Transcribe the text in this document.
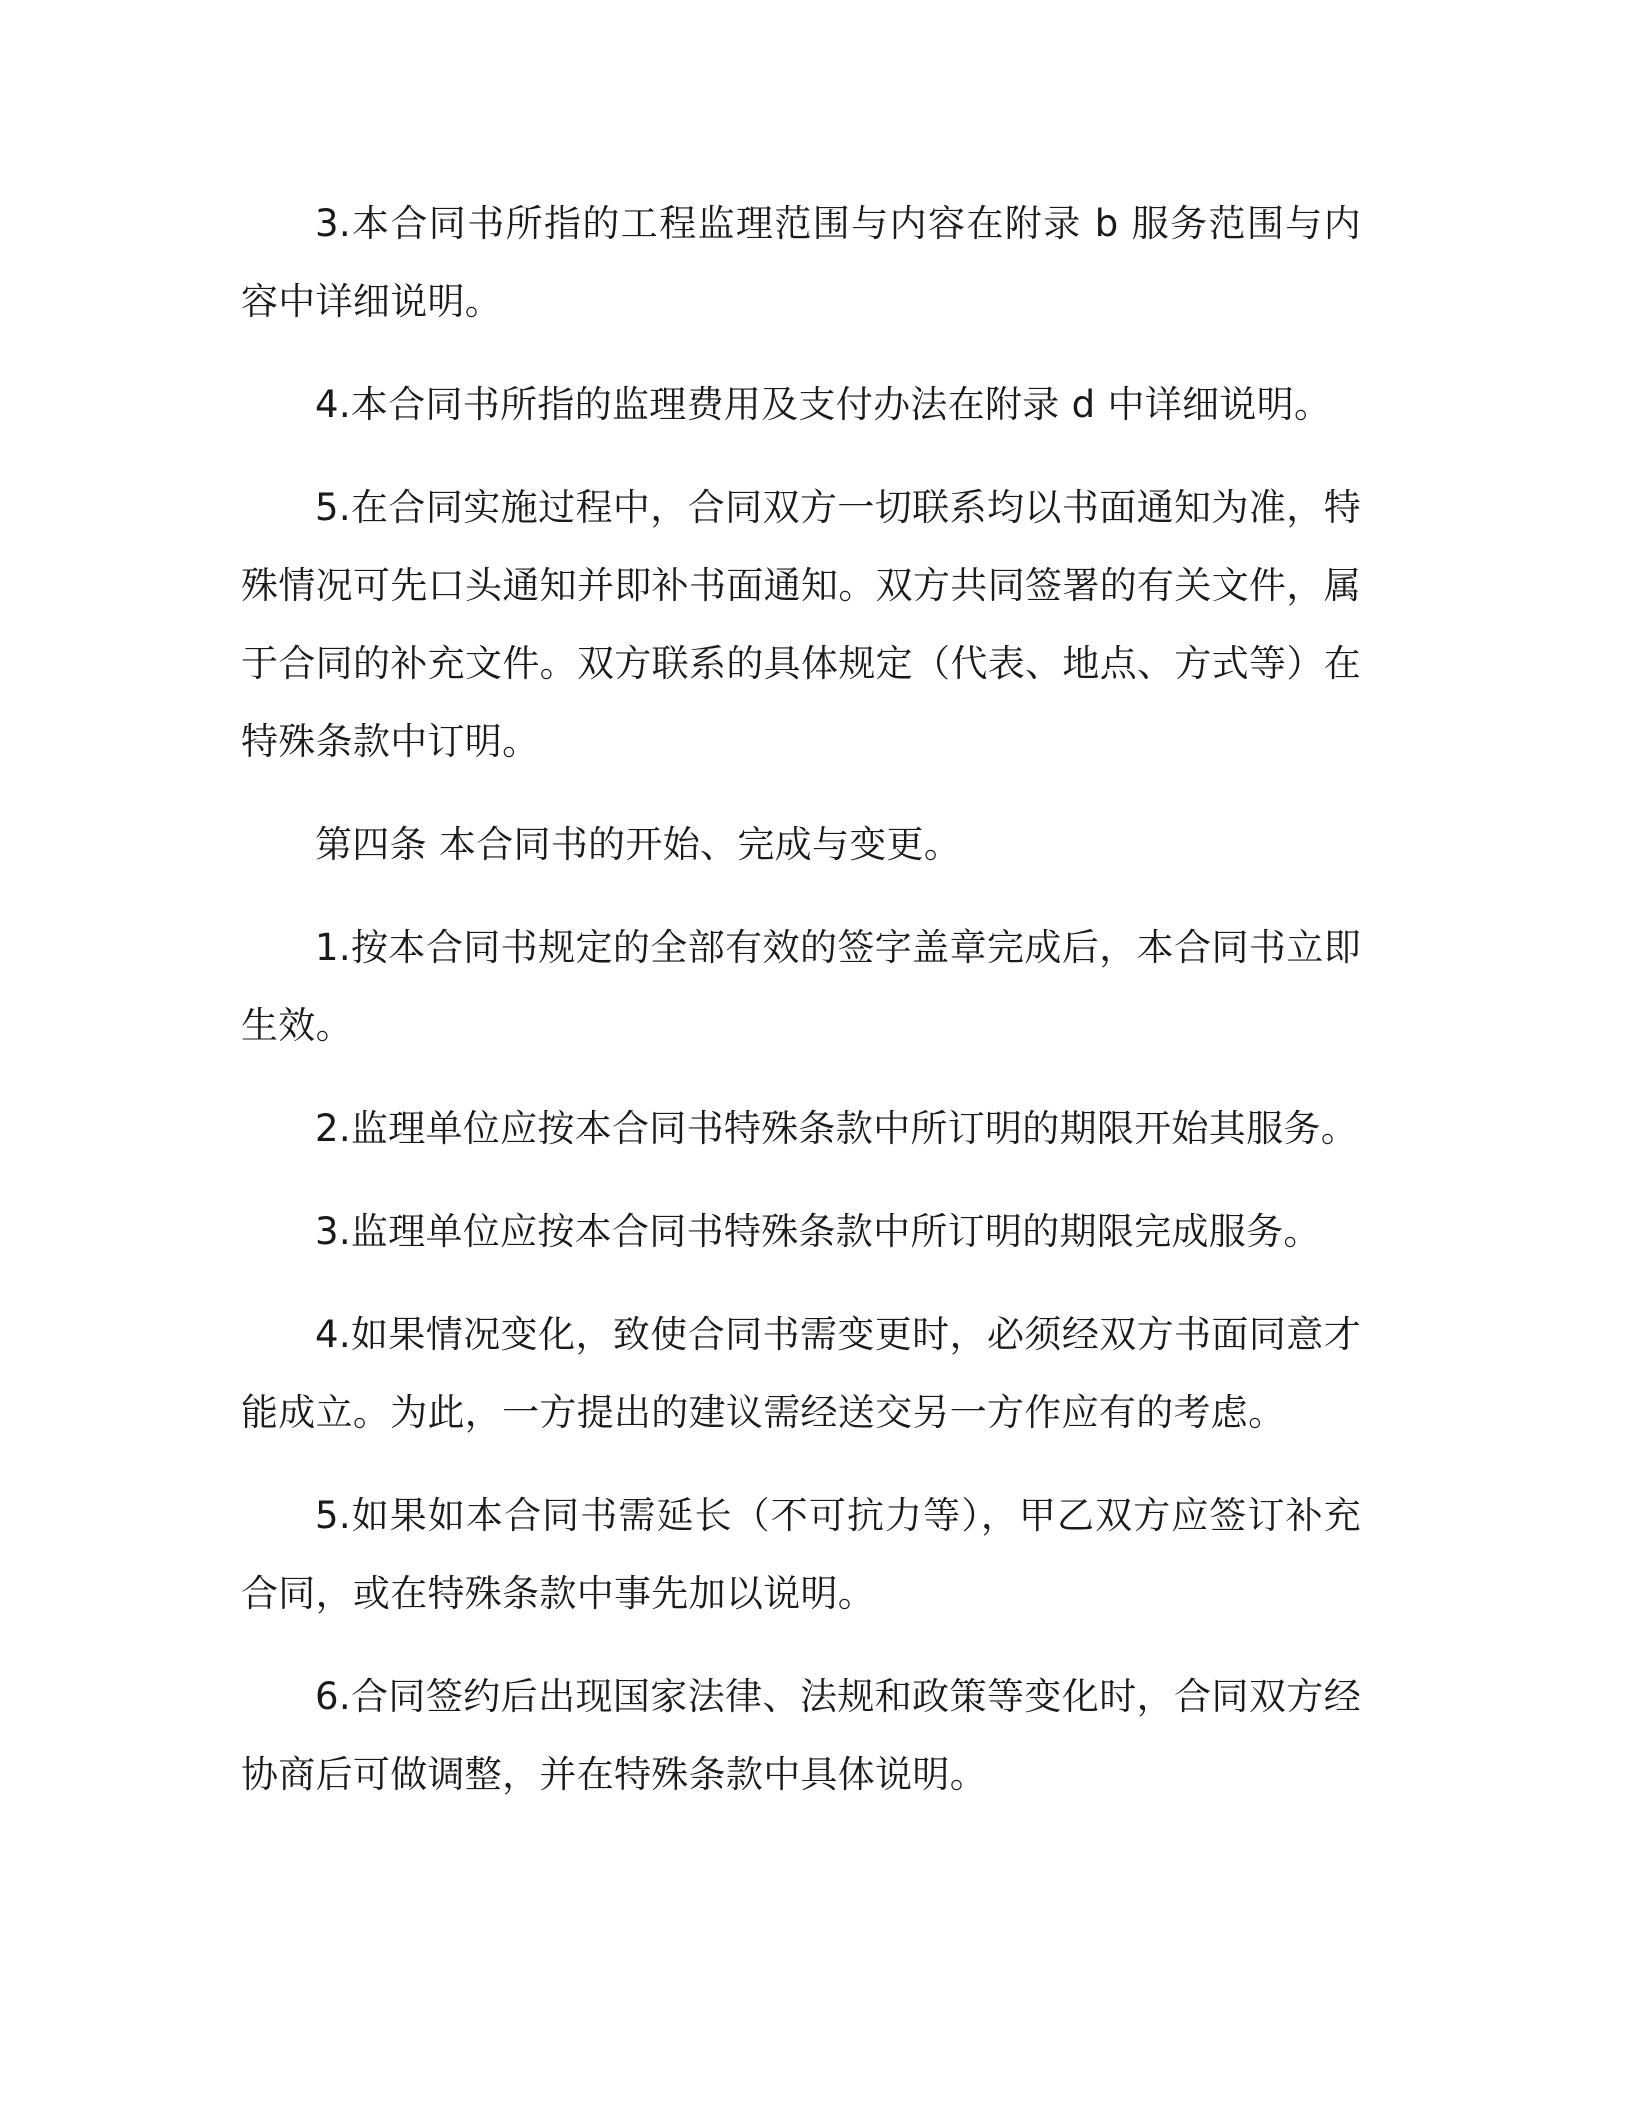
3.本合同书所指的工程监理范围与内容在附录 b 服务范围与内容中详细说明。

4.本合同书所指的监理费用及支付办法在附录 d 中详细说明。

5.在合同实施过程中，合同双方一切联系均以书面通知为准，特殊情况可先口头通知并即补书面通知。双方共同签署的有关文件，属于合同的补充文件。双方联系的具体规定（代表、地点、方式等）在特殊条款中订明。

第四条 本合同书的开始、完成与变更。

1.按本合同书规定的全部有效的签字盖章完成后，本合同书立即生效。

2.监理单位应按本合同书特殊条款中所订明的期限开始其服务。

3.监理单位应按本合同书特殊条款中所订明的期限完成服务。

4.如果情况变化，致使合同书需变更时，必须经双方书面同意才能成立。为此，一方提出的建议需经送交另一方作应有的考虑。

5.如果如本合同书需延长（不可抗力等），甲乙双方应签订补充合同，或在特殊条款中事先加以说明。

6.合同签约后出现国家法律、法规和政策等变化时，合同双方经协商后可做调整，并在特殊条款中具体说明。
